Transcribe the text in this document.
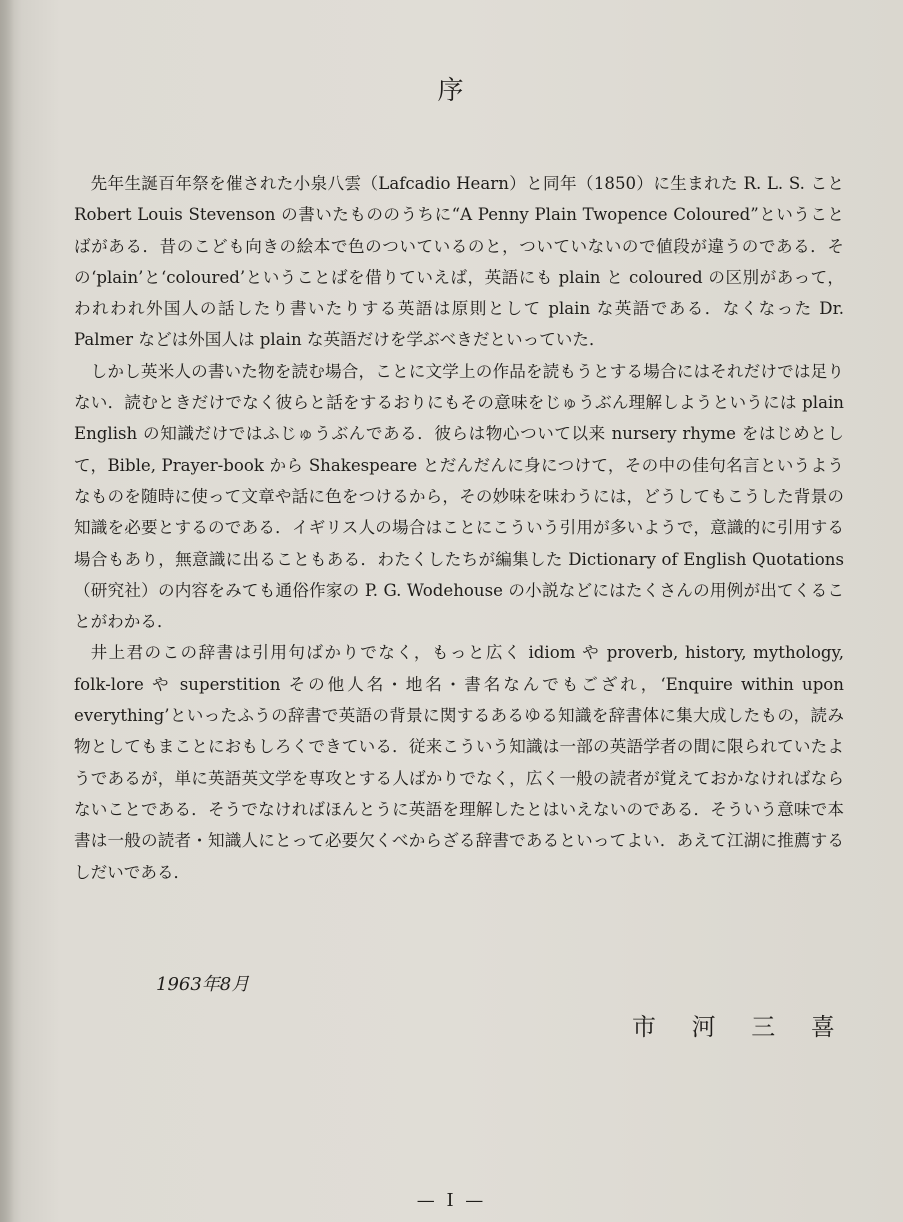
序

先年生誕百年祭を催された小泉八雲（Lafcadio Hearn）と同年（1850）に生まれた R. L. S. こと Robert Louis Stevenson の書いたもののうちに“A Penny Plain Twopence Coloured”ということばがある．昔のこども向きの絵本で色のついているのと，ついていないので値段が違うのである．その‘plain’と‘coloured’ということばを借りていえば，英語にも plain と coloured の区別があって，われわれ外国人の話したり書いたりする英語は原則として plain な英語である．なくなった Dr. Palmer などは外国人は plain な英語だけを学ぶべきだといっていた．

しかし英米人の書いた物を読む場合，ことに文学上の作品を読もうとする場合にはそれだけでは足りない．読むときだけでなく彼らと話をするおりにもその意味をじゅうぶん理解しようというには plain English の知識だけではふじゅうぶんである．彼らは物心ついて以来 nursery rhyme をはじめとして，Bible, Prayer-book から Shakespeare とだんだんに身につけて，その中の佳句名言というようなものを随時に使って文章や話に色をつけるから，その妙味を味わうには，どうしてもこうした背景の知識を必要とするのである．イギリス人の場合はことにこういう引用が多いようで，意識的に引用する場合もあり，無意識に出ることもある．わたくしたちが編集した Dictionary of English Quotations（研究社）の内容をみても通俗作家の P. G. Wodehouse の小説などにはたくさんの用例が出てくることがわかる．

井上君のこの辞書は引用句ばかりでなく，もっと広く idiom や proverb, history, mythology, folk-lore や superstition その他人名・地名・書名なんでもござれ，‘Enquire within upon everything’といったふうの辞書で英語の背景に関するあるゆる知識を辞書体に集大成したもの，読み物としてもまことにおもしろくできている．従来こういう知識は一部の英語学者の間に限られていたようであるが，単に英語英文学を専攻とする人ばかりでなく，広く一般の読者が覚えておかなければならないことである．そうでなければほんとうに英語を理解したとはいえないのである．そういう意味で本書は一般の読者・知識人にとって必要欠くべからざる辞書であるといってよい．あえて江湖に推薦するしだいである．

1963年8月
市 河 三 喜
— I —
